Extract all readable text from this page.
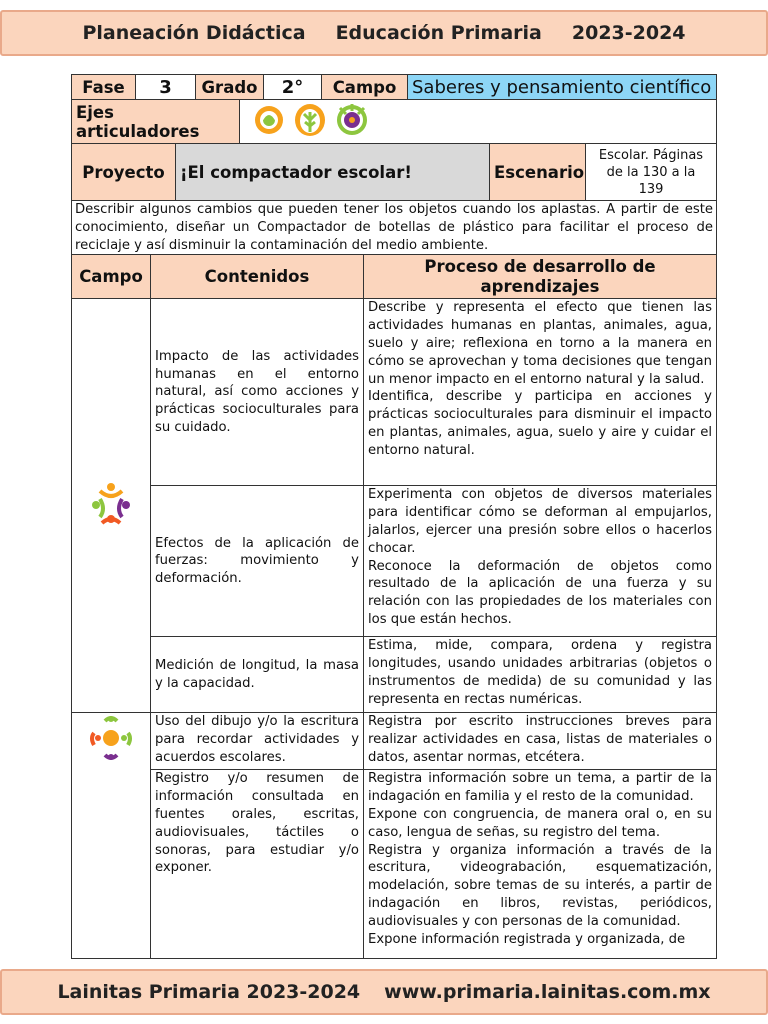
Planeación Didáctica Educación Primaria 2023-2024
Fase	3	Grado	2°	Campo	Saberes y pensamiento científico
Ejes articuladores	
Proyecto	¡El compactador escolar!	Escenario	Escolar. Páginas de la 130 a la 139
Describir algunos cambios que pueden tener los objetos cuando los aplastas. A partir de este conocimiento, diseñar un Compactador de botellas de plástico para facilitar el proceso de reciclaje y así disminuir la contaminación del medio ambiente.
Campo	Contenidos	Proceso de desarrollo de aprendizajes
	Impacto de las actividades humanas en el entorno natural, así como acciones y prácticas socioculturales para su cuidado.	Describe y representa el efecto que tienen las actividades humanas en plantas, animales, agua, suelo y aire; reflexiona en torno a la manera en cómo se aprovechan y toma decisiones que tengan un menor impacto en el entorno natural y la salud.
Identifica, describe y participa en acciones y prácticas socioculturales para disminuir el impacto en plantas, animales, agua, suelo y aire y cuidar el entorno natural.
	Efectos de la aplicación de fuerzas: movimiento y deformación.	Experimenta con objetos de diversos materiales para identificar cómo se deforman al empujarlos, jalarlos, ejercer una presión sobre ellos o hacerlos chocar.
Reconoce la deformación de objetos como resultado de la aplicación de una fuerza y su relación con las propiedades de los materiales con los que están hechos.
	Medición de longitud, la masa y la capacidad.	Estima, mide, compara, ordena y registra longitudes, usando unidades arbitrarias (objetos o instrumentos de medida) de su comunidad y las representa en rectas numéricas.
	Uso del dibujo y/o la escritura para recordar actividades y acuerdos escolares.	Registra por escrito instrucciones breves para realizar actividades en casa, listas de materiales o datos, asentar normas, etcétera.
	Registro y/o resumen de información consultada en fuentes orales, escritas, audiovisuales, táctiles o sonoras, para estudiar y/o exponer.	Registra información sobre un tema, a partir de la indagación en familia y el resto de la comunidad.
Expone con congruencia, de manera oral o, en su caso, lengua de señas, su registro del tema.
Registra y organiza información a través de la escritura, videograbación, esquematización, modelación, sobre temas de su interés, a partir de indagación en libros, revistas, periódicos, audiovisuales y con personas de la comunidad.
Expone información registrada y organizada, de
Lainitas Primaria 2023-2024 www.primaria.lainitas.com.mx
